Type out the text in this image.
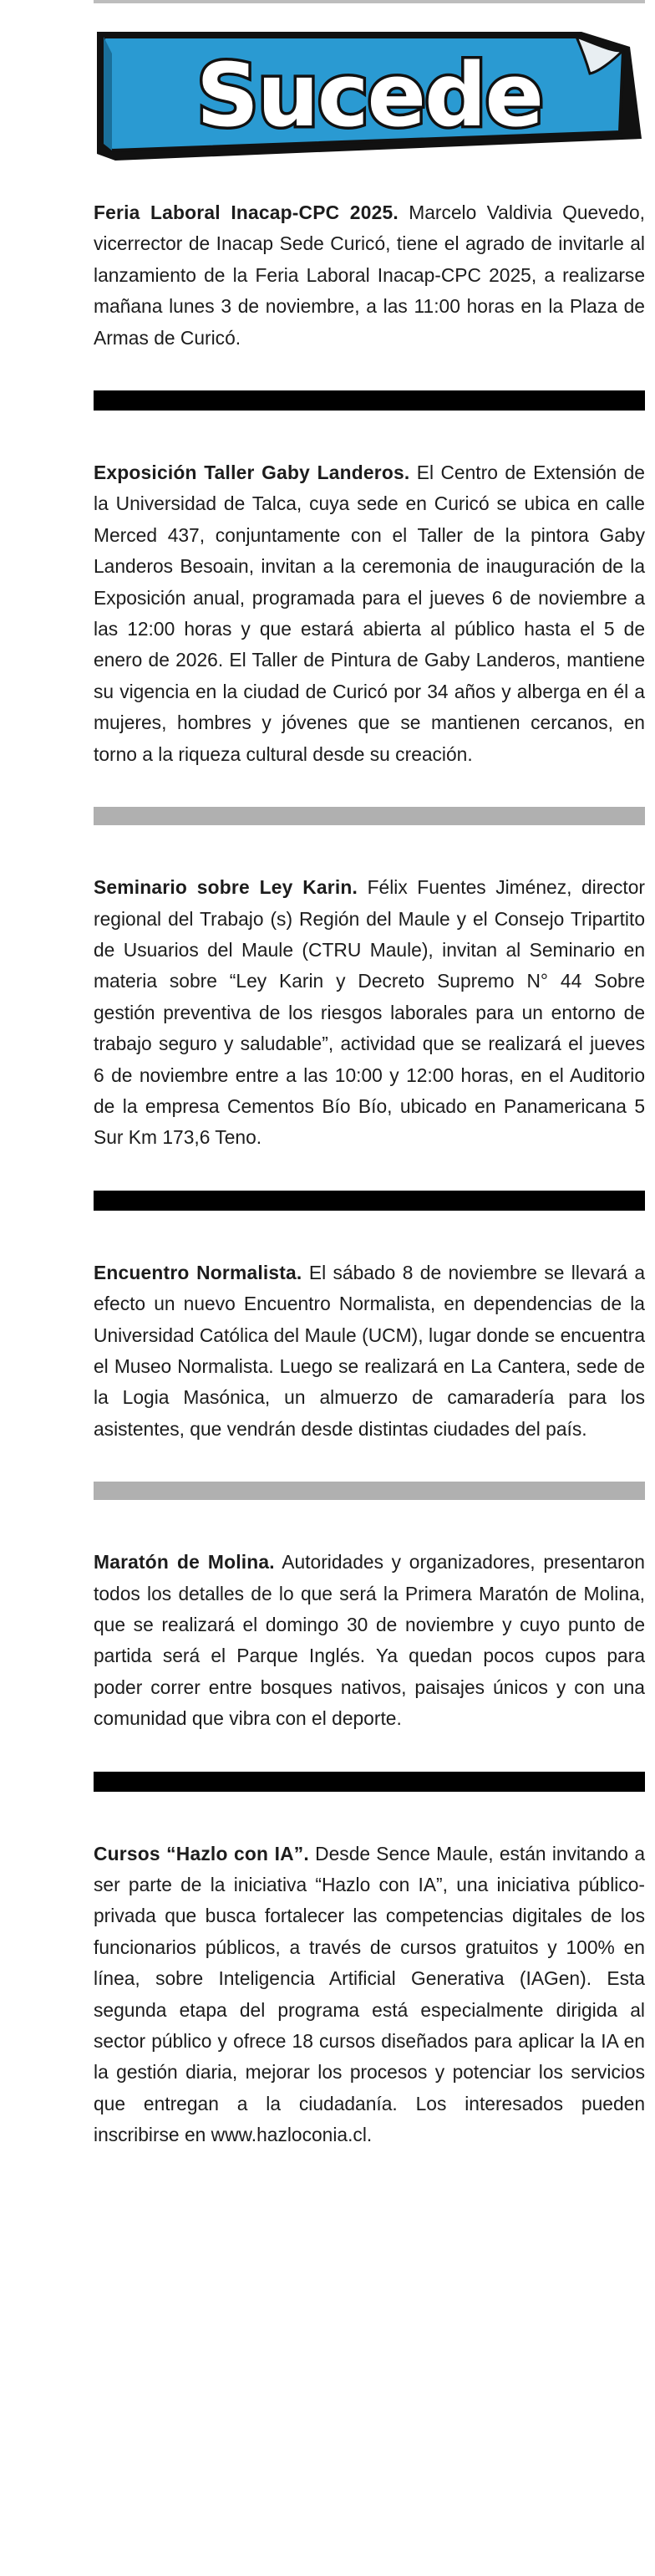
Sucede

Feria Laboral Inacap-CPC 2025. Marcelo Valdivia Quevedo, vicerrector de Inacap Sede Curicó, tiene el agrado de invitarle al lanzamiento de la Feria Laboral Inacap-CPC 2025, a realizarse mañana lunes 3 de noviembre, a las 11:00 horas en la Plaza de Armas de Curicó.

Exposición Taller Gaby Landeros. El Centro de Extensión de la Universidad de Talca, cuya sede en Curicó se ubica en calle Merced 437, conjuntamente con el Taller de la pintora Gaby Landeros Besoain, invitan a la ceremonia de inauguración de la Exposición anual, programada para el jueves 6 de noviembre a las 12:00 horas y que estará abierta al público hasta el 5 de enero de 2026. El Taller de Pintura de Gaby Landeros, mantiene su vigencia en la ciudad de Curicó por 34 años y alberga en él a mujeres, hombres y jóvenes que se mantienen cercanos, en torno a la riqueza cultural desde su creación.

Seminario sobre Ley Karin. Félix Fuentes Jiménez, director regional del Trabajo (s) Región del Maule y el Consejo Tripartito de Usuarios del Maule (CTRU Maule), invitan al Seminario en materia sobre “Ley Karin y Decreto Supremo N° 44 Sobre gestión preventiva de los riesgos laborales para un entorno de trabajo seguro y saludable”, actividad que se realizará el jueves 6 de noviembre entre a las 10:00 y 12:00 horas, en el Auditorio de la empresa Cementos Bío Bío, ubicado en Panamericana 5 Sur Km 173,6 Teno.

Encuentro Normalista. El sábado 8 de noviembre se llevará a efecto un nuevo Encuentro Normalista, en dependencias de la Universidad Católica del Maule (UCM), lugar donde se encuentra el Museo Normalista. Luego se realizará en La Cantera, sede de la Logia Masónica, un almuerzo de camaradería para los asistentes, que vendrán desde distintas ciudades del país.

Maratón de Molina. Autoridades y organizadores, presentaron todos los detalles de lo que será la Primera Maratón de Molina, que se realizará el domingo 30 de noviembre y cuyo punto de partida será el Parque Inglés. Ya quedan pocos cupos para poder correr entre bosques nativos, paisajes únicos y con una comunidad que vibra con el deporte.

Cursos “Hazlo con IA”. Desde Sence Maule, están invitando a ser parte de la iniciativa “Hazlo con IA”, una iniciativa público-privada que busca fortalecer las competencias digitales de los funcionarios públicos, a través de cursos gratuitos y 100% en línea, sobre Inteligencia Artificial Generativa (IAGen). Esta segunda etapa del programa está especialmente dirigida al sector público y ofrece 18 cursos diseñados para aplicar la IA en la gestión diaria, mejorar los procesos y potenciar los servicios que entregan a la ciudadanía. Los interesados pueden inscribirse en www.hazloconia.cl.
